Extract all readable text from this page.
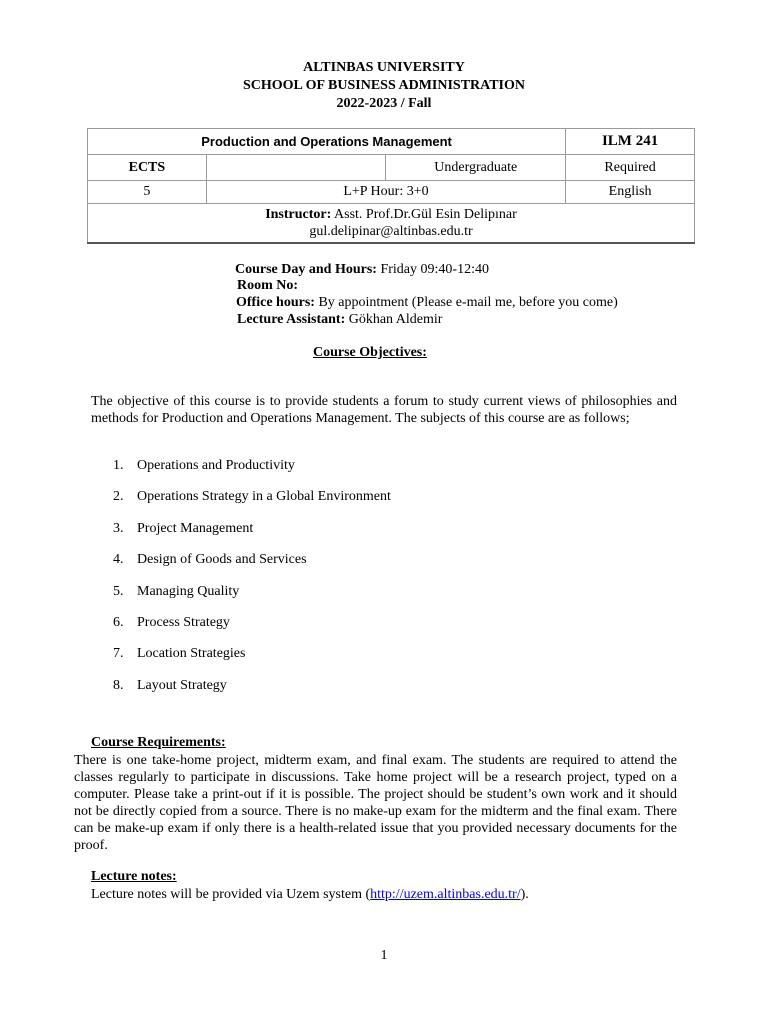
ALTINBAS UNIVERSITY
SCHOOL OF BUSINESS ADMINISTRATION
2022-2023 / Fall
Production and Operations Management			ILM 241
ECTS		Undergraduate	Required
5	L+P Hour: 3+0		English
Instructor: Asst. Prof.Dr.Gül Esin Delipınar
gul.delipinar@altinbas.edu.tr			
Course Day and Hours: Friday 09:40-12:40
Room No:
Office hours: By appointment (Please e-mail me, before you come)
Lecture Assistant: Gökhan Aldemir
Course Objectives:
The objective of this course is to provide students a forum to study current views of philosophies and methods for Production and Operations Management. The subjects of this course are as follows;
1. Operations and Productivity
2. Operations Strategy in a Global Environment
3. Project Management
4. Design of Goods and Services
5. Managing Quality
6. Process Strategy
7. Location Strategies
8. Layout Strategy
Course Requirements:
There is one take-home project, midterm exam, and final exam. The students are required to attend the classes regularly to participate in discussions. Take home project will be a research project, typed on a computer. Please take a print-out if it is possible. The project should be student’s own work and it should not be directly copied from a source. There is no make-up exam for the midterm and the final exam. There can be make-up exam if only there is a health-related issue that you provided necessary documents for the proof.
Lecture notes:
Lecture notes will be provided via Uzem system (http://uzem.altinbas.edu.tr/).
1
